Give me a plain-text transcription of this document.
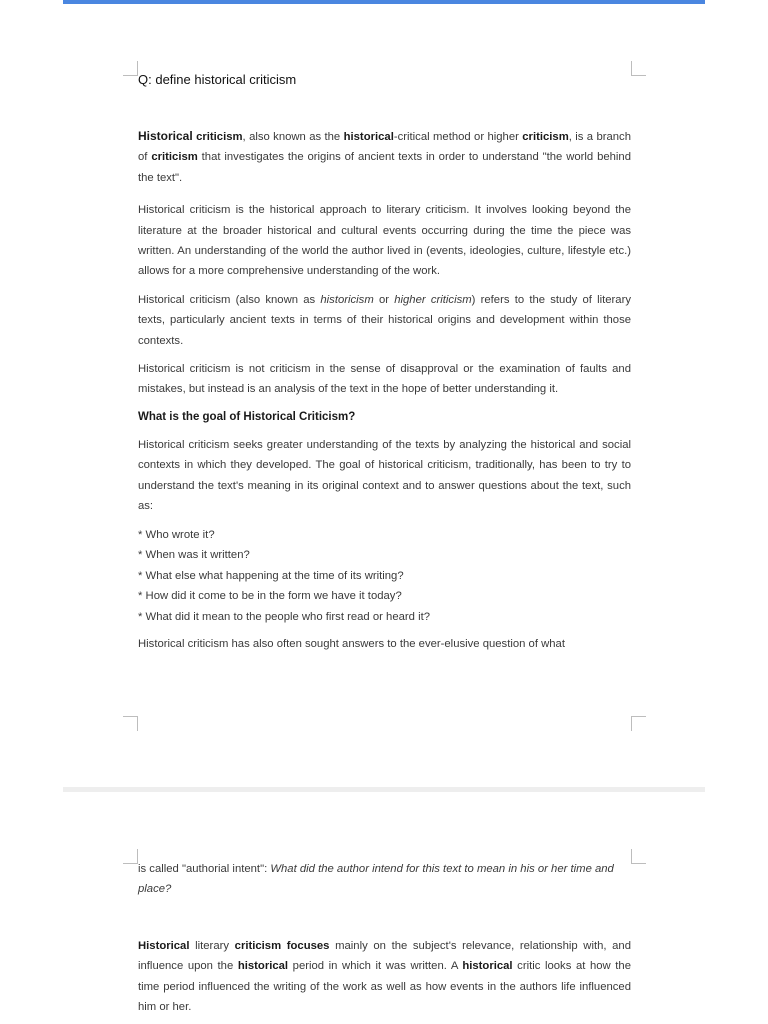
Q: define historical criticism

Historical criticism, also known as the historical-critical method or higher criticism, is a branch of criticism that investigates the origins of ancient texts in order to understand "the world behind the text".

Historical criticism is the historical approach to literary criticism. It involves looking beyond the literature at the broader historical and cultural events occurring during the time the piece was written. An understanding of the world the author lived in (events, ideologies, culture, lifestyle etc.) allows for a more comprehensive understanding of the work.

Historical criticism (also known as historicism or higher criticism) refers to the study of literary texts, particularly ancient texts in terms of their historical origins and development within those contexts.

Historical criticism is not criticism in the sense of disapproval or the examination of faults and mistakes, but instead is an analysis of the text in the hope of better understanding it.

What is the goal of Historical Criticism?

Historical criticism seeks greater understanding of the texts by analyzing the historical and social contexts in which they developed. The goal of historical criticism, traditionally, has been to try to understand the text's meaning in its original context and to answer questions about the text, such as:

* Who wrote it?
* When was it written?
* What else what happening at the time of its writing?
* How did it come to be in the form we have it today?
* What did it mean to the people who first read or heard it?

Historical criticism has also often sought answers to the ever-elusive question of what

is called "authorial intent": What did the author intend for this text to mean in his or her time and place?

Historical literary criticism focuses mainly on the subject's relevance, relationship with, and influence upon the historical period in which it was written. A historical critic looks at how the time period influenced the writing of the work as well as how events in the authors life influenced him or her.
